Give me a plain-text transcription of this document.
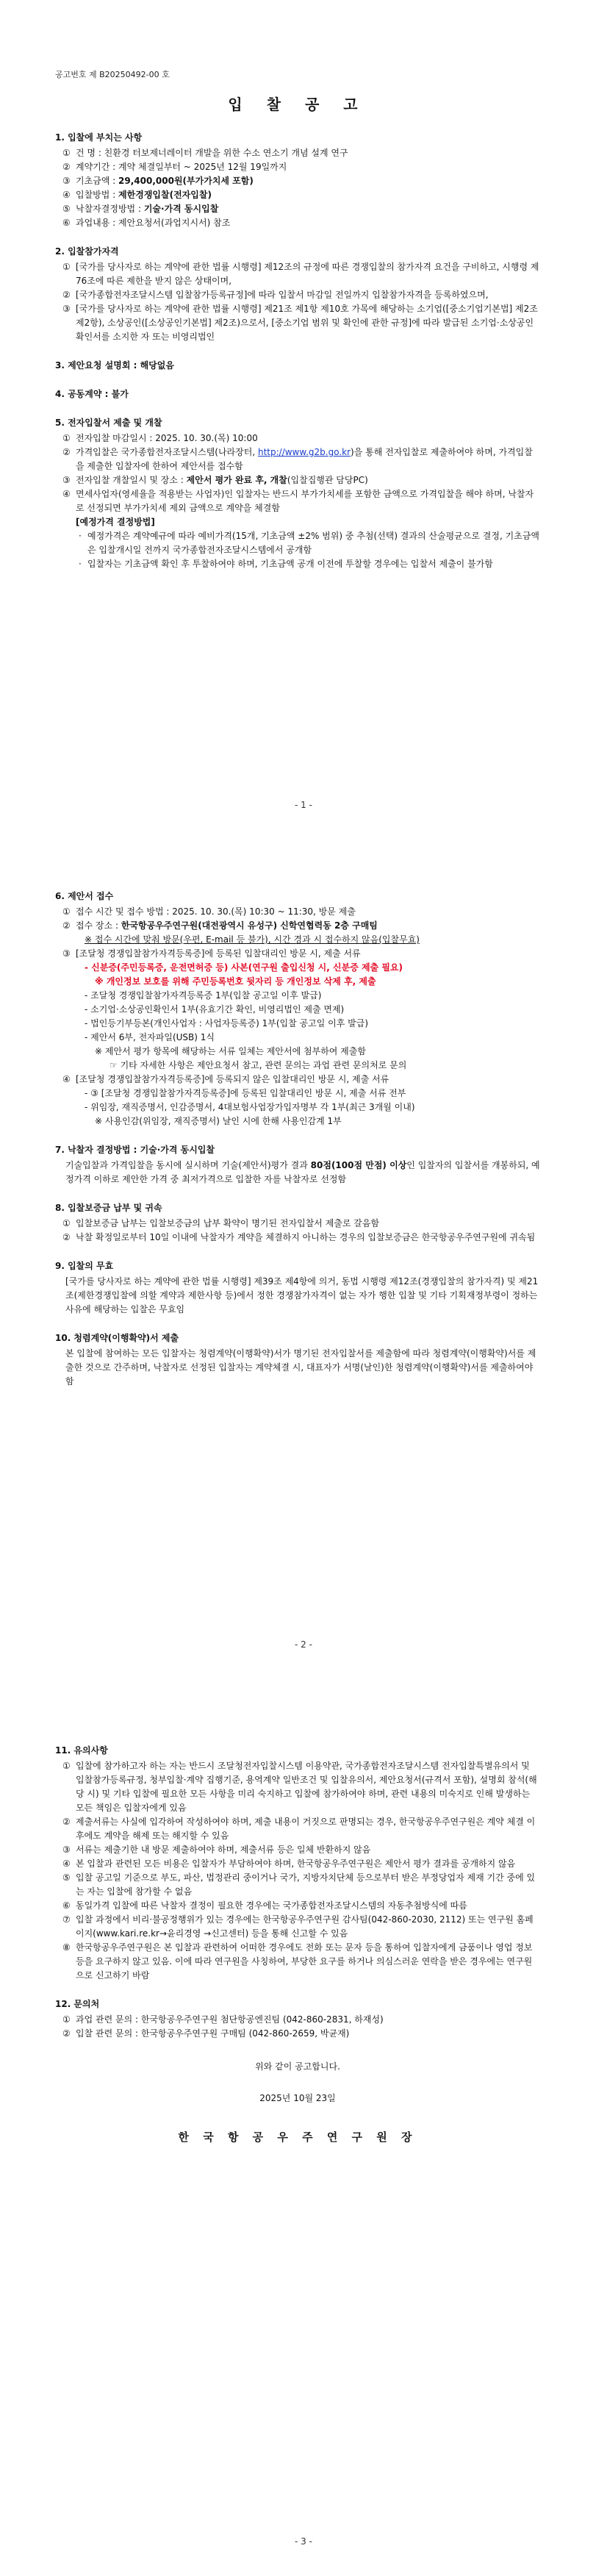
공고번호 제 B20250492-00 호
입 찰 공 고
1. 입찰에 부치는 사항
① 건 명 : 친환경 터보제너레이터 개발을 위한 수소 연소기 개념 설계 연구
② 계약기간 : 계약 체결일부터 ~ 2025년 12월 19일까지
③ 기초금액 : 29,400,000원(부가가치세 포함)
④ 입찰방법 : 제한경쟁입찰(전자입찰)
⑤ 낙찰자결정방법 : 기술·가격 동시입찰
⑥ 과업내용 : 제안요청서(과업지시서) 참조
2. 입찰참가자격
① [국가를 당사자로 하는 계약에 관한 법률 시행령] 제12조의 규정에 따른 경쟁입찰의 참가자격 요건을 구비하고, 시행령 제76조에 따른 제한을 받지 않은 상태이며,
② [국가종합전자조달시스템 입찰참가등록규정]에 따라 입찰서 마감일 전일까지 입찰참가자격을 등록하였으며,
③ [국가를 당사자로 하는 계약에 관한 법률 시행령] 제21조 제1항 제10호 가목에 해당하는 소기업([중소기업기본법] 제2조 제2항), 소상공인([소상공인기본법] 제2조)으로서, [중소기업 범위 및 확인에 관한 규정]에 따라 발급된 소기업·소상공인확인서를 소지한 자 또는 비영리법인
3. 제안요청 설명회 : 해당없음
4. 공동계약 : 불가
5. 전자입찰서 제출 및 개찰
① 전자입찰 마감일시 : 2025. 10. 30.(목) 10:00
② 가격입찰은 국가종합전자조달시스템(나라장터, http://www.g2b.go.kr)을 통해 전자입찰로 제출하여야 하며, 가격입찰을 제출한 입찰자에 한하여 제안서를 접수함
③ 전자입찰 개찰일시 및 장소 : 제안서 평가 완료 후, 개찰(입찰집행관 담당PC)
④ 면세사업자(영세율을 적용받는 사업자)인 입찰자는 반드시 부가가치세를 포함한 금액으로 가격입찰을 해야 하며, 낙찰자로 선정되면 부가가치세 제외 금액으로 계약을 체결함
[예정가격 결정방법]
· 예정가격은 계약예규에 따라 예비가격(15개, 기초금액 ±2% 범위) 중 추첨(선택) 결과의 산술평균으로 결정, 기초금액은 입찰개시일 전까지 국가종합전자조달시스템에서 공개함
· 입찰자는 기초금액 확인 후 투찰하여야 하며, 기초금액 공개 이전에 투찰할 경우에는 입찰서 제출이 불가함
- 1 -
6. 제안서 접수
① 접수 시간 및 접수 방법 : 2025. 10. 30.(목) 10:30 ~ 11:30, 방문 제출
② 접수 장소 : 한국항공우주연구원(대전광역시 유성구) 신학연협력동 2층 구매팀
※ 접수 시간에 맞춰 방문(우편, E-mail 등 불가), 시간 경과 시 접수하지 않음(입찰무효)
③ [조달청 경쟁입찰참가자격등록증]에 등록된 입찰대리인 방문 시, 제출 서류
- 신분증(주민등록증, 운전면허증 등) 사본(연구원 출입신청 시, 신분증 제출 필요)
※ 개인정보 보호를 위해 주민등록번호 뒷자리 등 개인정보 삭제 후, 제출
- 조달청 경쟁입찰참가자격등록증 1부(입찰 공고일 이후 발급)
- 소기업·소상공인확인서 1부(유효기간 확인, 비영리법인 제출 면제)
- 법인등기부등본(개인사업자 : 사업자등록증) 1부(입찰 공고일 이후 발급)
- 제안서 6부, 전자파일(USB) 1식
※ 제안서 평가 항목에 해당하는 서류 일체는 제안서에 첨부하여 제출함
☞ 기타 자세한 사항은 제안요청서 참고, 관련 문의는 과업 관련 문의처로 문의
④ [조달청 경쟁입찰참가자격등록증]에 등록되지 않은 입찰대리인 방문 시, 제출 서류
- ③ [조달청 경쟁입찰참가자격등록증]에 등록된 입찰대리인 방문 시, 제출 서류 전부
- 위임장, 재직증명서, 인감증명서, 4대보험사업장가입자명부 각 1부(최근 3개월 이내)
※ 사용인감(위임장, 재직증명서) 날인 시에 한해 사용인감계 1부
7. 낙찰자 결정방법 : 기술·가격 동시입찰
기술입찰과 가격입찰을 동시에 실시하며 기술(제안서)평가 결과 80점(100점 만점) 이상인 입찰자의 입찰서를 개봉하되, 예정가격 이하로 제안한 가격 중 최저가격으로 입찰한 자를 낙찰자로 선정함
8. 입찰보증금 납부 및 귀속
① 입찰보증금 납부는 입찰보증금의 납부 확약이 명기된 전자입찰서 제출로 갈음함
② 낙찰 확정일로부터 10일 이내에 낙찰자가 계약을 체결하지 아니하는 경우의 입찰보증금은 한국항공우주연구원에 귀속됨
9. 입찰의 무효
[국가를 당사자로 하는 계약에 관한 법률 시행령] 제39조 제4항에 의거, 동법 시행령 제12조(경쟁입찰의 참가자격) 및 제21조(제한경쟁입찰에 의할 계약과 제한사항 등)에서 정한 경쟁참가자격이 없는 자가 행한 입찰 및 기타 기획재정부령이 정하는 사유에 해당하는 입찰은 무효임
10. 청렴계약(이행확약)서 제출
본 입찰에 참여하는 모든 입찰자는 청렴계약(이행확약)서가 명기된 전자입찰서를 제출함에 따라 청렴계약(이행확약)서를 제출한 것으로 간주하며, 낙찰자로 선정된 입찰자는 계약체결 시, 대표자가 서명(날인)한 청렴계약(이행확약)서를 제출하여야 함
- 2 -
11. 유의사항
① 입찰에 참가하고자 하는 자는 반드시 조달청전자입찰시스템 이용약관, 국가종합전자조달시스템 전자입찰특별유의서 및 입찰참가등록규정, 청부입찰·계약 집행기준, 용역계약 일반조건 및 입찰유의서, 제안요청서(규격서 포함), 설명회 참석(해당 시) 및 기타 입찰에 필요한 모든 사항을 미리 숙지하고 입찰에 참가하여야 하며, 관련 내용의 미숙지로 인해 발생하는 모든 책임은 입찰자에게 있음
② 제출서류는 사실에 입각하여 작성하여야 하며, 제출 내용이 거짓으로 판명되는 경우, 한국항공우주연구원은 계약 체결 이후에도 계약을 해제 또는 해지할 수 있음
③ 서류는 제출기한 내 방문 제출하여야 하며, 제출서류 등은 일체 반환하지 않음
④ 본 입찰과 관련된 모든 비용은 입찰자가 부담하여야 하며, 한국항공우주연구원은 제안서 평가 결과를 공개하지 않음
⑤ 입찰 공고일 기준으로 부도, 파산, 법정관리 중이거나 국가, 지방자치단체 등으로부터 받은 부정당업자 제재 기간 중에 있는 자는 입찰에 참가할 수 없음
⑥ 동일가격 입찰에 따른 낙찰자 결정이 필요한 경우에는 국가종합전자조달시스템의 자동추첨방식에 따름
⑦ 입찰 과정에서 비리·불공정행위가 있는 경우에는 한국항공우주연구원 감사팀(042-860-2030, 2112) 또는 연구원 홈페이지(www.kari.re.kr→윤리경영 →신고센터) 등을 통해 신고할 수 있음
⑧ 한국항공우주연구원은 본 입찰과 관련하여 어떠한 경우에도 전화 또는 문자 등을 통하여 입찰자에게 금품이나 영업 정보 등을 요구하지 않고 있음. 이에 따라 연구원을 사칭하여, 부당한 요구를 하거나 의심스러운 연락을 받은 경우에는 연구원으로 신고하기 바람
12. 문의처
① 과업 관련 문의 : 한국항공우주연구원 첨단항공엔진팀 (042-860-2831, 하재성)
② 입찰 관련 문의 : 한국항공우주연구원 구매팀 (042-860-2659, 박균재)
위와 같이 공고합니다.
2025년 10월 23일
한 국 항 공 우 주 연 구 원 장
- 3 -
